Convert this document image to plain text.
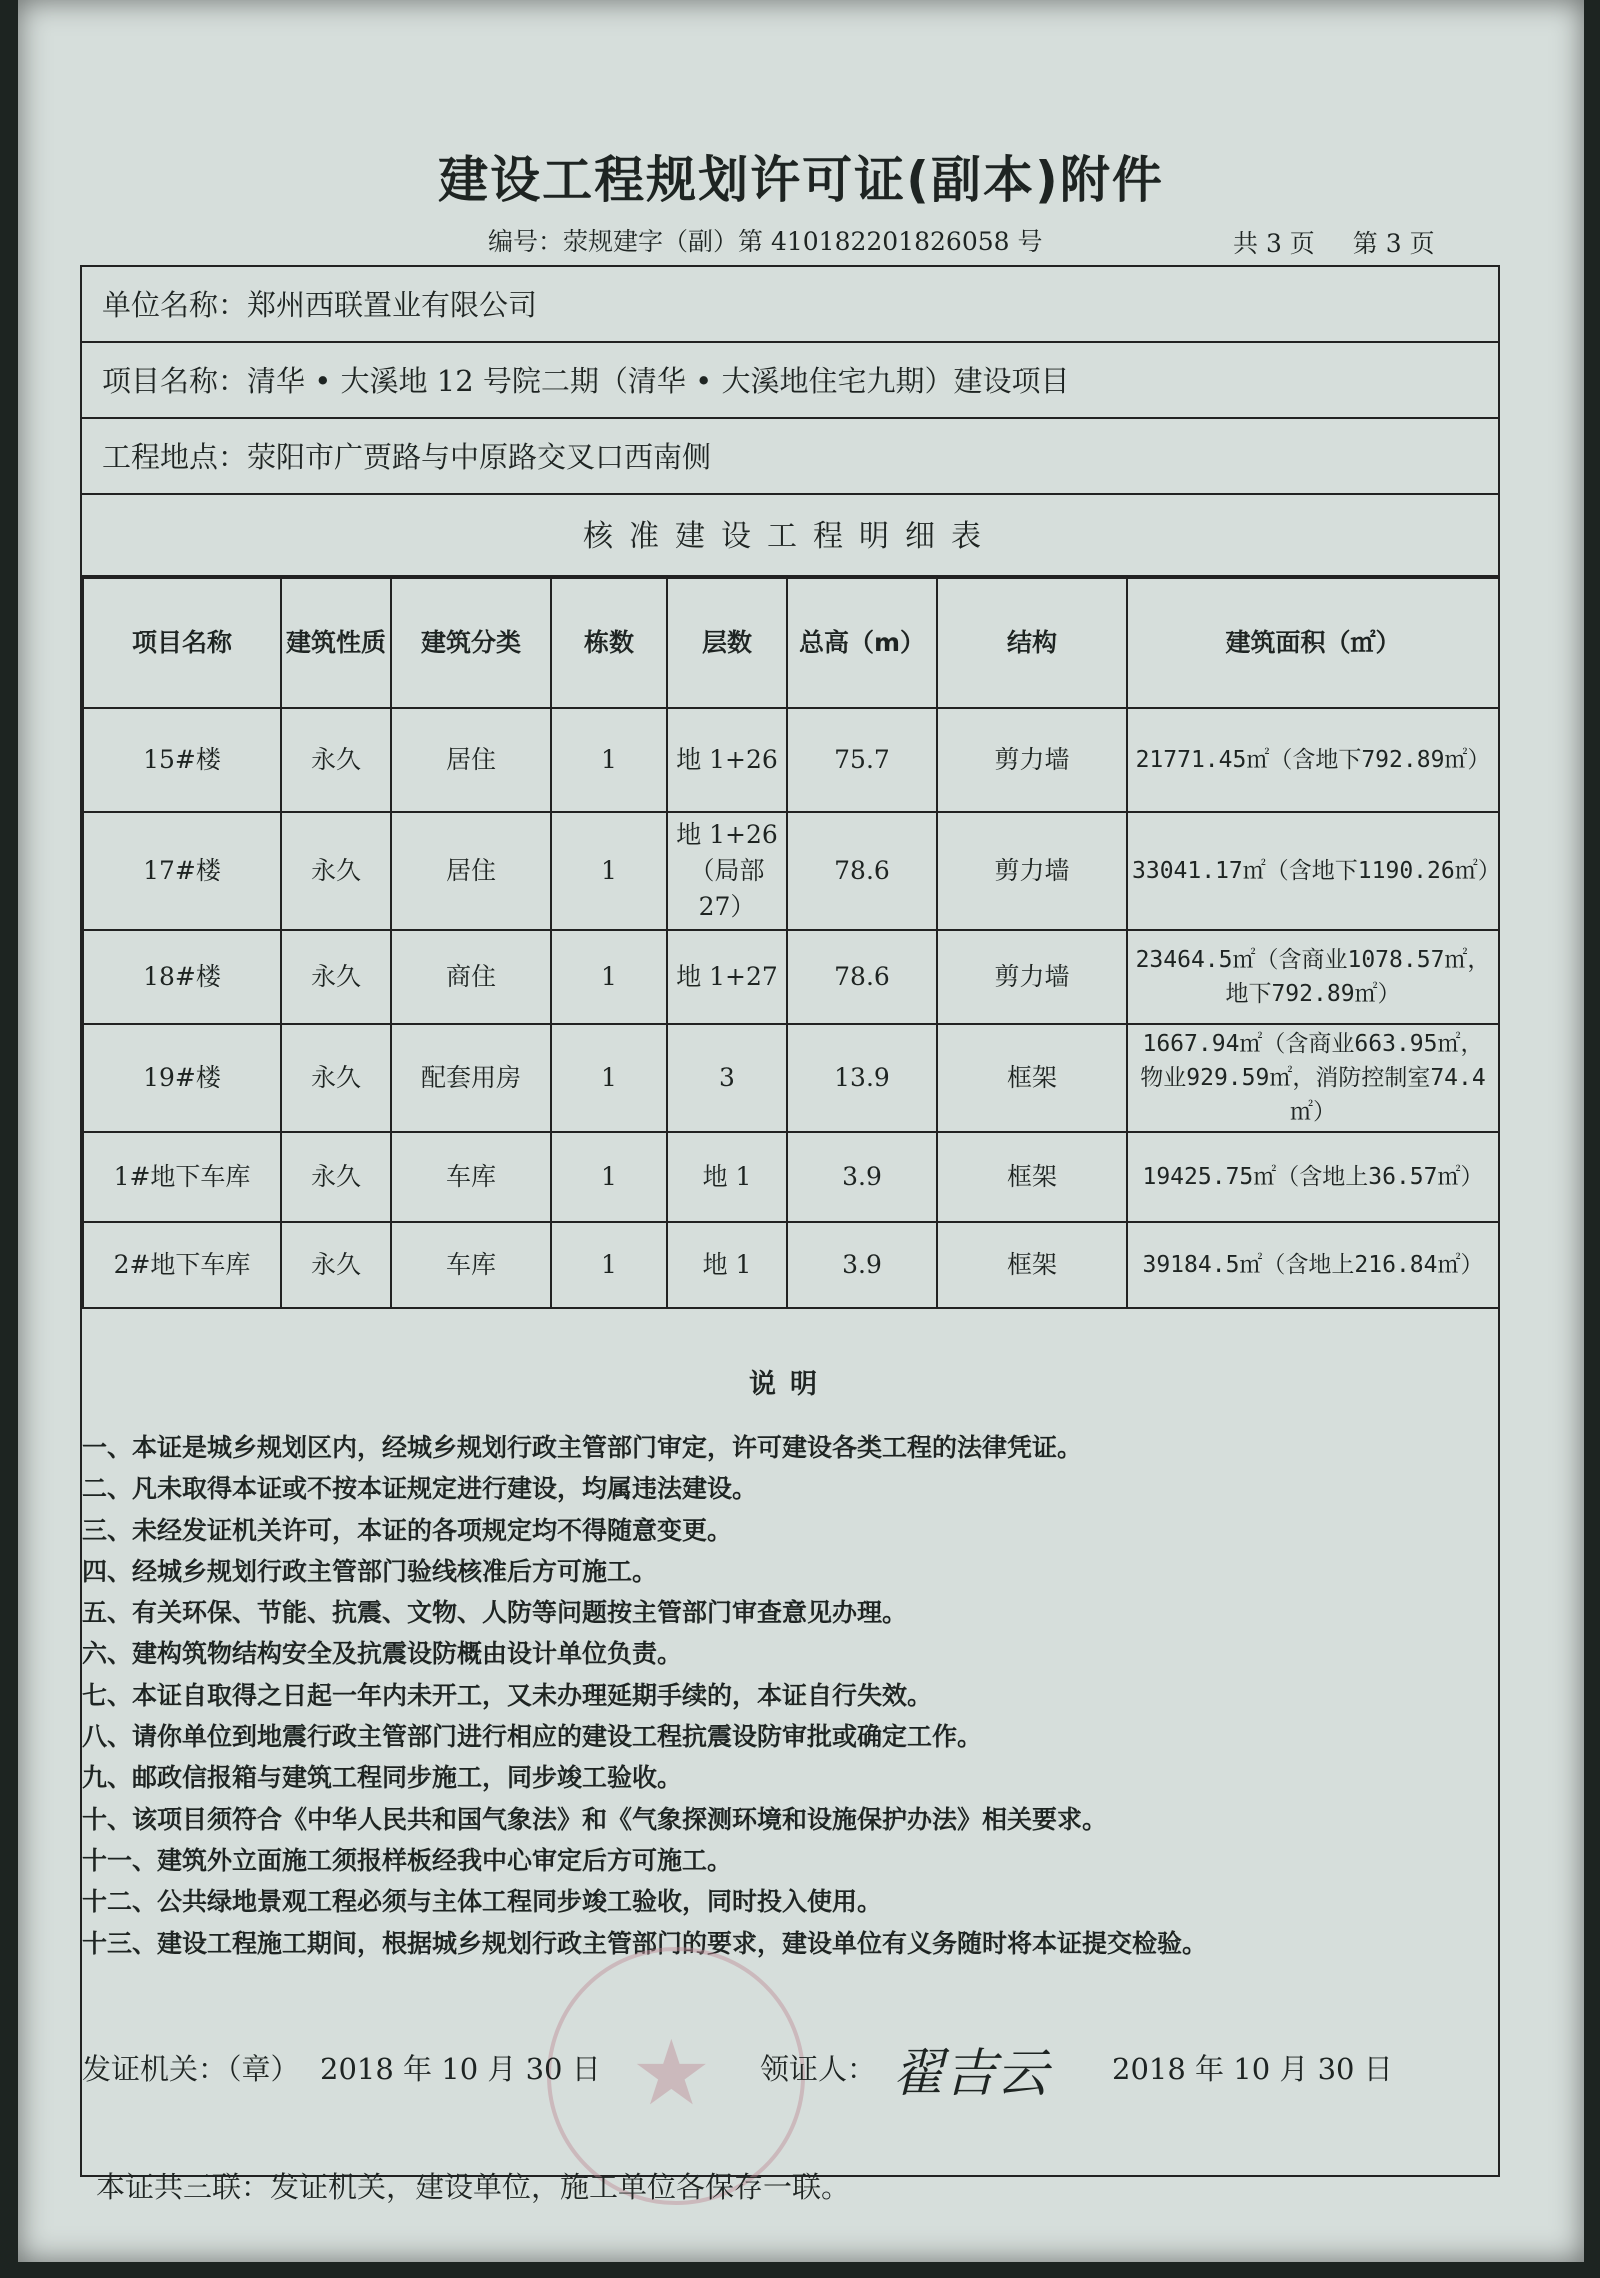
建设工程规划许可证(副本)附件
编号：荥规建字（副）第 410182201826058 号	共 3 页 第 3 页
单位名称：郑州西联置业有限公司
项目名称：清华 • 大溪地 12 号院二期（清华 • 大溪地住宅九期）建设项目
工程地点：荥阳市广贾路与中原路交叉口西南侧
核准建设工程明细表
项目名称	建筑性质	建筑分类	栋数	层数	总高（m）	结构	建筑面积（㎡）
15#楼	永久	居住	1	地 1+26	75.7	剪力墙	21771.45㎡（含地下792.89㎡）
17#楼	永久	居住	1	地 1+26（局部27）	78.6	剪力墙	33041.17㎡（含地下1190.26㎡）
18#楼	永久	商住	1	地 1+27	78.6	剪力墙	23464.5㎡（含商业1078.57㎡，地下792.89㎡）
19#楼	永久	配套用房	1	3	13.9	框架	1667.94㎡（含商业663.95㎡，物业929.59㎡，消防控制室74.4㎡）
1#地下车库	永久	车库	1	地 1	3.9	框架	19425.75㎡（含地上36.57㎡）
2#地下车库	永久	车库	1	地 1	3.9	框架	39184.5㎡（含地上216.84㎡）
说明
一、本证是城乡规划区内，经城乡规划行政主管部门审定，许可建设各类工程的法律凭证。
二、凡未取得本证或不按本证规定进行建设，均属违法建设。
三、未经发证机关许可，本证的各项规定均不得随意变更。
四、经城乡规划行政主管部门验线核准后方可施工。
五、有关环保、节能、抗震、文物、人防等问题按主管部门审查意见办理。
六、建构筑物结构安全及抗震设防概由设计单位负责。
七、本证自取得之日起一年内未开工，又未办理延期手续的，本证自行失效。
八、请你单位到地震行政主管部门进行相应的建设工程抗震设防审批或确定工作。
九、邮政信报箱与建筑工程同步施工，同步竣工验收。
十、该项目须符合《中华人民共和国气象法》和《气象探测环境和设施保护办法》相关要求。
十一、建筑外立面施工须报样板经我中心审定后方可施工。
十二、公共绿地景观工程必须与主体工程同步竣工验收，同时投入使用。
十三、建设工程施工期间，根据城乡规划行政主管部门的要求，建设单位有义务随时将本证提交检验。
★
发证机关：（章） 2018 年 10 月 30 日	领证人： 翟吉云 2018 年 10 月 30 日
本证共三联：发证机关，建设单位，施工单位各保存一联。
